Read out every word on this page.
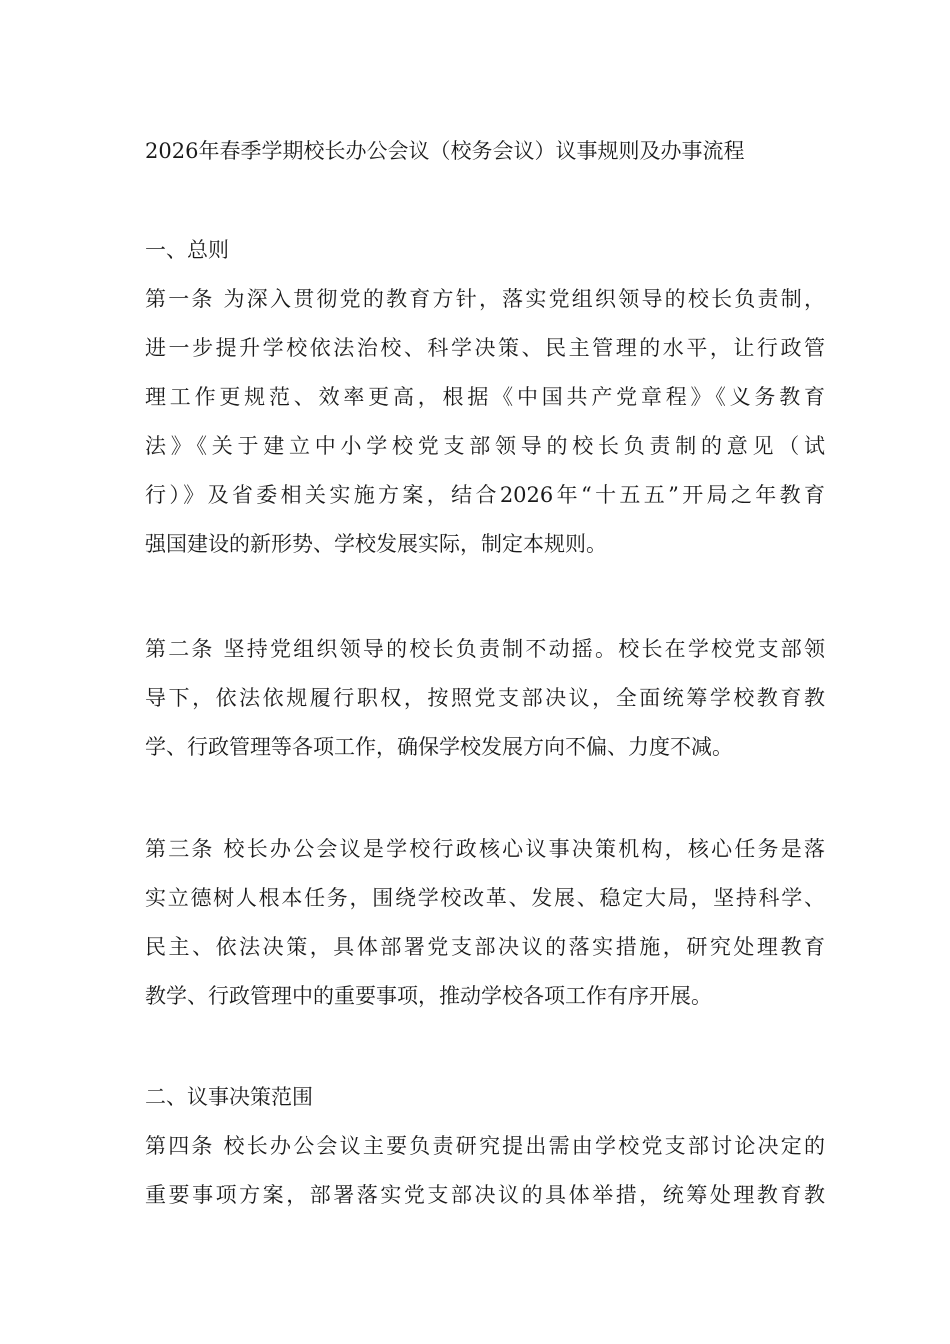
2026年春季学期校长办公会议（校务会议）议事规则及办事流程
一、总则
第一条 为深入贯彻党的教育方针，落实党组织领导的校长负责制，
进一步提升学校依法治校、科学决策、民主管理的水平，让行政管
理工作更规范、效率更高，根据《中国共产党章程》《义务教育
法》《关于建立中小学校党支部领导的校长负责制的意见（试
行）》及省委相关实施方案，结合2026年“十五五”开局之年教育
强国建设的新形势、学校发展实际，制定本规则。
第二条 坚持党组织领导的校长负责制不动摇。校长在学校党支部领
导下，依法依规履行职权，按照党支部决议，全面统筹学校教育教
学、行政管理等各项工作，确保学校发展方向不偏、力度不减。
第三条 校长办公会议是学校行政核心议事决策机构，核心任务是落
实立德树人根本任务，围绕学校改革、发展、稳定大局，坚持科学、
民主、依法决策，具体部署党支部决议的落实措施，研究处理教育
教学、行政管理中的重要事项，推动学校各项工作有序开展。
二、议事决策范围
第四条 校长办公会议主要负责研究提出需由学校党支部讨论决定的
重要事项方案，部署落实党支部决议的具体举措，统筹处理教育教
